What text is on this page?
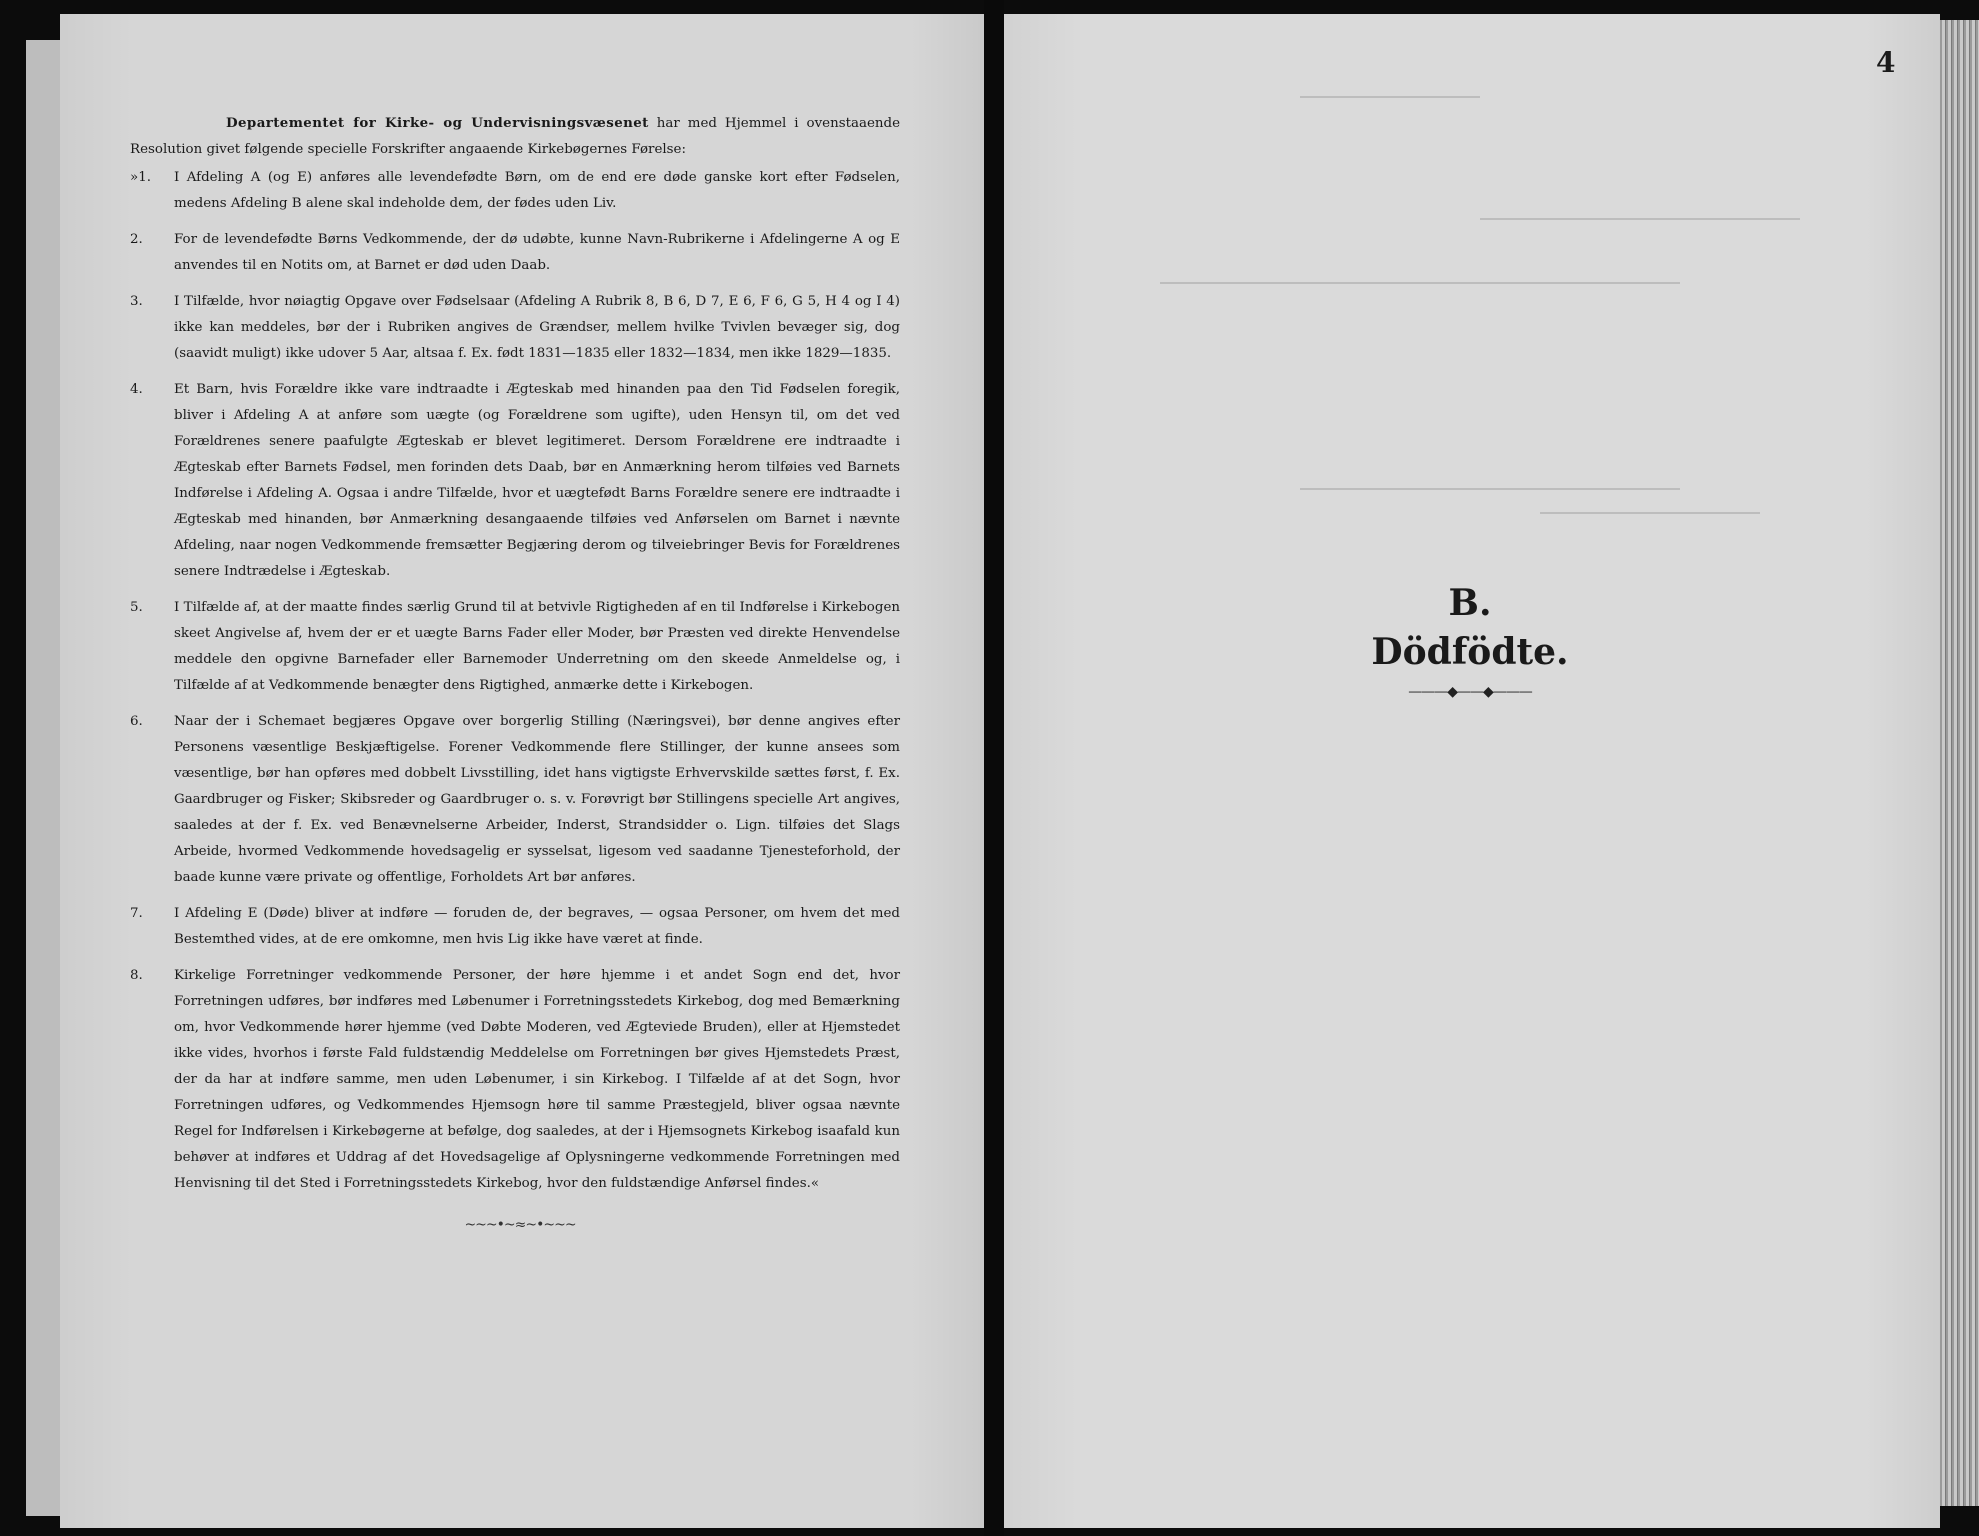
Departementet for Kirke- og Undervisningsvæsenet har med Hjemmel i ovenstaaende Resolution givet følgende specielle Forskrifter angaaende Kirkebøgernes Førelse:

»1.	I Afdeling A (og E) anføres alle levendefødte Børn, om de end ere døde ganske kort efter Fødselen, medens Afdeling B alene skal indeholde dem, der fødes uden Liv.

2.	For de levendefødte Børns Vedkommende, der dø udøbte, kunne Navn-Rubrikerne i Afdelingerne A og E anvendes til en Notits om, at Barnet er død uden Daab.

3.	I Tilfælde, hvor nøiagtig Opgave over Fødselsaar (Afdeling A Rubrik 8, B 6, D 7, E 6, F 6, G 5, H 4 og I 4) ikke kan meddeles, bør der i Rubriken angives de Grændser, mellem hvilke Tvivlen bevæger sig, dog (saavidt muligt) ikke udover 5 Aar, altsaa f. Ex. født 1831—1835 eller 1832—1834, men ikke 1829—1835.

4.	Et Barn, hvis Forældre ikke vare indtraadte i Ægteskab med hinanden paa den Tid Fødselen foregik, bliver i Afdeling A at anføre som uægte (og Forældrene som ugifte), uden Hensyn til, om det ved Forældrenes senere paafulgte Ægteskab er blevet legitimeret. Dersom Forældrene ere indtraadte i Ægteskab efter Barnets Fødsel, men forinden dets Daab, bør en Anmærkning herom tilføies ved Barnets Indførelse i Afdeling A. Ogsaa i andre Tilfælde, hvor et uægtefødt Barns Forældre senere ere indtraadte i Ægteskab med hinanden, bør Anmærkning desangaaende tilføies ved Anførselen om Barnet i nævnte Afdeling, naar nogen Vedkommende fremsætter Begjæring derom og tilveiebringer Bevis for Forældrenes senere Indtrædelse i Ægteskab.

5.	I Tilfælde af, at der maatte findes særlig Grund til at betvivle Rigtigheden af en til Indførelse i Kirkebogen skeet Angivelse af, hvem der er et uægte Barns Fader eller Moder, bør Præsten ved direkte Henvendelse meddele den opgivne Barnefader eller Barnemoder Underretning om den skeede Anmeldelse og, i Tilfælde af at Vedkommende benægter dens Rigtighed, anmærke dette i Kirkebogen.

6.	Naar der i Schemaet begjæres Opgave over borgerlig Stilling (Næringsvei), bør denne angives efter Personens væsentlige Beskjæftigelse. Forener Vedkommende flere Stillinger, der kunne ansees som væsentlige, bør han opføres med dobbelt Livsstilling, idet hans vigtigste Erhvervskilde sættes først, f. Ex. Gaardbruger og Fisker; Skibsreder og Gaardbruger o. s. v. Forøvrigt bør Stillingens specielle Art angives, saaledes at der f. Ex. ved Benævnelserne Arbeider, Inderst, Strandsidder o. Lign. tilføies det Slags Arbeide, hvormed Vedkommende hovedsagelig er sysselsat, ligesom ved saadanne Tjenesteforhold, der baade kunne være private og offentlige, Forholdets Art bør anføres.

7.	I Afdeling E (Døde) bliver at indføre — foruden de, der begraves, — ogsaa Personer, om hvem det med Bestemthed vides, at de ere omkomne, men hvis Lig ikke have været at finde.

8.	Kirkelige Forretninger vedkommende Personer, der høre hjemme i et andet Sogn end det, hvor Forretningen udføres, bør indføres med Løbenumer i Forretningsstedets Kirkebog, dog med Bemærkning om, hvor Vedkommende hører hjemme (ved Døbte Moderen, ved Ægteviede Bruden), eller at Hjemstedet ikke vides, hvorhos i første Fald fuldstændig Meddelelse om Forretningen bør gives Hjemstedets Præst, der da har at indføre samme, men uden Løbenumer, i sin Kirkebog. I Tilfælde af at det Sogn, hvor Forretningen udføres, og Vedkommendes Hjemsogn høre til samme Præstegjeld, bliver ogsaa nævnte Regel for Indførelsen i Kirkebøgerne at befølge, dog saaledes, at der i Hjemsognets Kirkebog isaafald kun behøver at indføres et Uddrag af det Hovedsagelige af Oplysningerne vedkommende Forretningen med Henvisning til det Sted i Forretningsstedets Kirkebog, hvor den fuldstændige Anførsel findes.«

~~~•~≈~•~~~
4
B.
Dödfödte.
———◆——◆———
